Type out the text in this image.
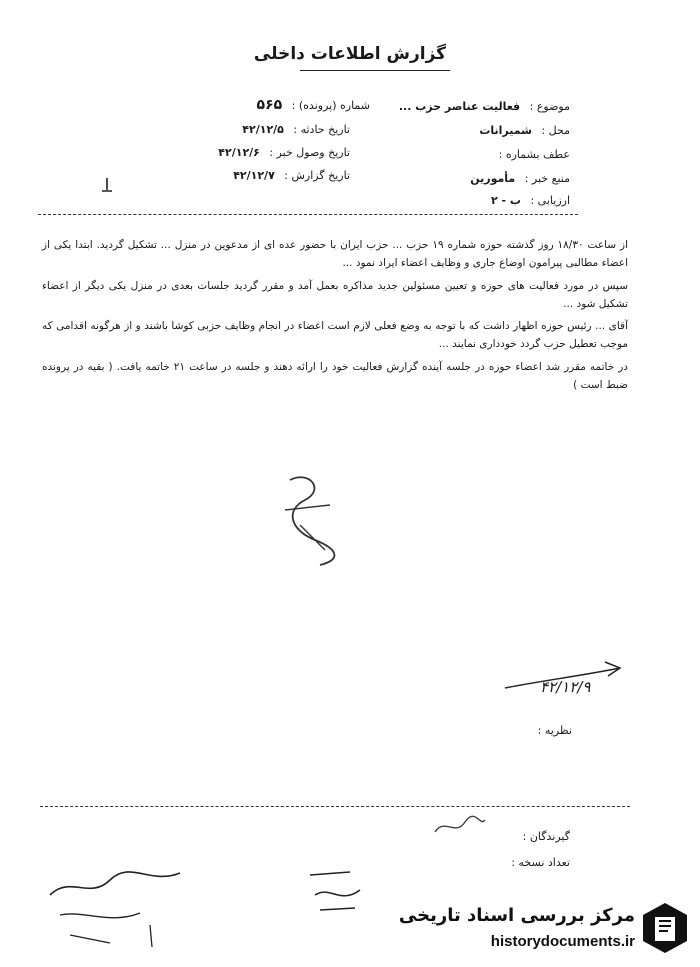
گزارش اطلاعات داخلی
موضوع : فعالیت عناصر حزب ...
محل : شمیرانات
عطف بشماره :
منبع خبر : مأمورین
ارزیابی : ب - ۲
شماره (پرونده) : ۵۶۵
تاریخ حادثه : ۴۲/۱۲/۵
تاریخ وصول خبر : ۴۲/۱۲/۶
تاریخ گزارش : ۴۲/۱۲/۷

از ساعت ۱۸/۳۰ روز گذشته حوزه شماره ۱۹ حزب ... حزب ایران با حضور عده ای از مدعوین در منزل ... تشکیل گردید. ابتدا یکی از اعضاء مطالبی پیرامون اوضاع جاری و وظایف اعضاء ایراد نمود ...

سپس در مورد فعالیت های حوزه و تعیین مسئولین جدید مذاکره بعمل آمد و مقرر گردید جلسات بعدی در منزل یکی دیگر از اعضاء تشکیل شود ...

آقای ... رئیس حوزه اظهار داشت که با توجه به وضع فعلی لازم است اعضاء در انجام وظایف حزبی کوشا باشند و از هرگونه اقدامی که موجب تعطیل حزب گردد خودداری نمایند ...

در خاتمه مقرر شد اعضاء حوزه در جلسه آینده گزارش فعالیت خود را ارائه دهند و جلسه در ساعت ۲۱ خاتمه یافت. ( بقیه در پرونده ضبط است )

۴۲/۱۲/۹
نظریه :
گیرندگان :
تعداد نسخه :
مرکز بررسی اسناد تاریخی
historydocuments.ir
